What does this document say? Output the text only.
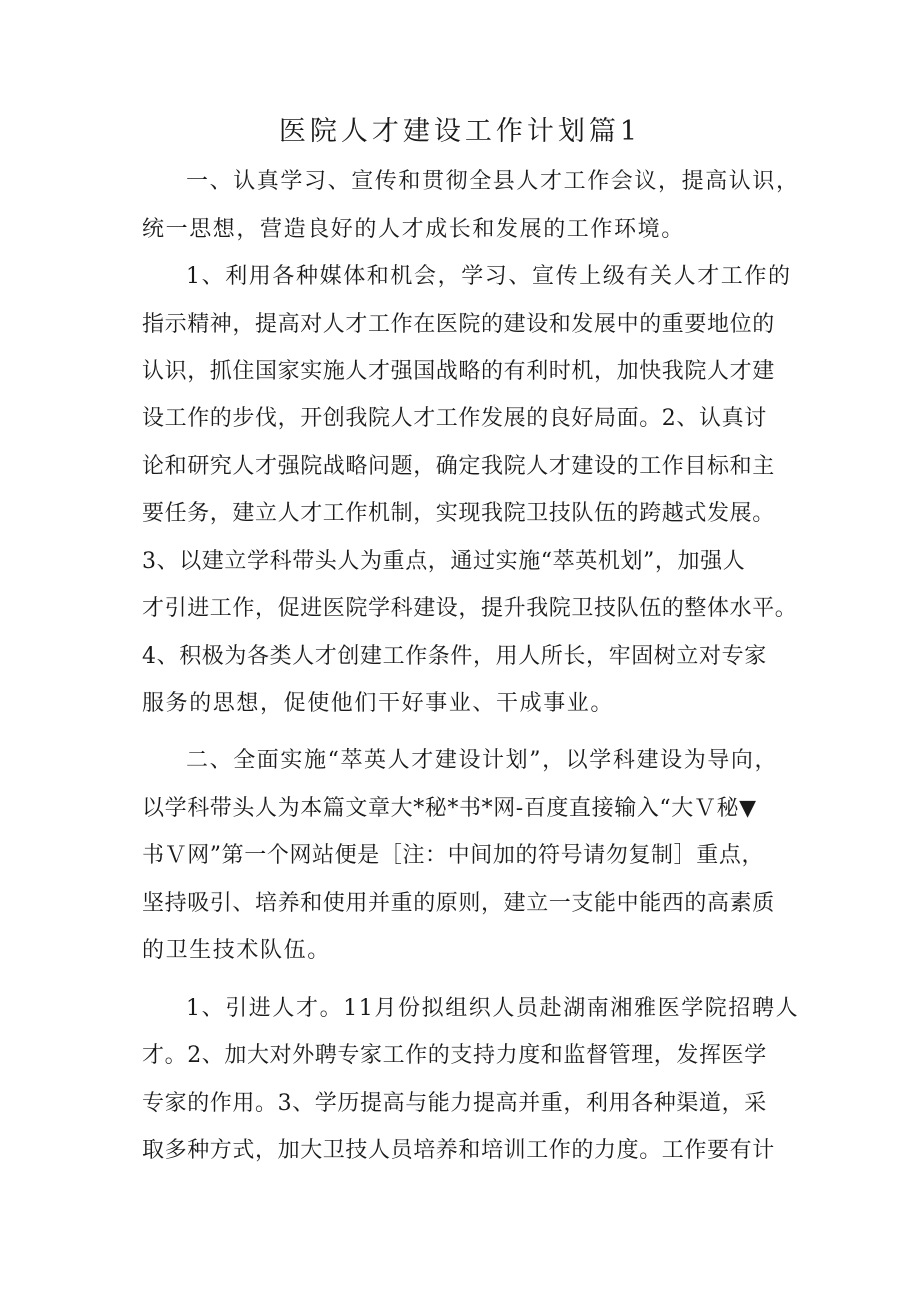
医院人才建设工作计划篇1

一、认真学习、宣传和贯彻全县人才工作会议，提高认识，

统一思想，营造良好的人才成长和发展的工作环境。

1、利用各种媒体和机会，学习、宣传上级有关人才工作的

指示精神，提高对人才工作在医院的建设和发展中的重要地位的

认识，抓住国家实施人才强国战略的有利时机，加快我院人才建

设工作的步伐，开创我院人才工作发展的良好局面。2、认真讨

论和研究人才强院战略问题，确定我院人才建设的工作目标和主

要任务，建立人才工作机制，实现我院卫技队伍的跨越式发展。

3、以建立学科带头人为重点，通过实施“萃英机划”，加强人

才引进工作，促进医院学科建设，提升我院卫技队伍的整体水平。

4、积极为各类人才创建工作条件，用人所长，牢固树立对专家

服务的思想，促使他们干好事业、干成事业。

二、全面实施“萃英人才建设计划”，以学科建设为导向，

以学科带头人为本篇文章大*秘*书*网-百度直接输入“大Ｖ秘▼

书Ｖ网”第一个网站便是［注：中间加的符号请勿复制］重点，

坚持吸引、培养和使用并重的原则，建立一支能中能西的高素质

的卫生技术队伍。

1、引进人才。11月份拟组织人员赴湖南湘雅医学院招聘人

才。2、加大对外聘专家工作的支持力度和监督管理，发挥医学

专家的作用。3、学历提高与能力提高并重，利用各种渠道，采

取多种方式，加大卫技人员培养和培训工作的力度。工作要有计
